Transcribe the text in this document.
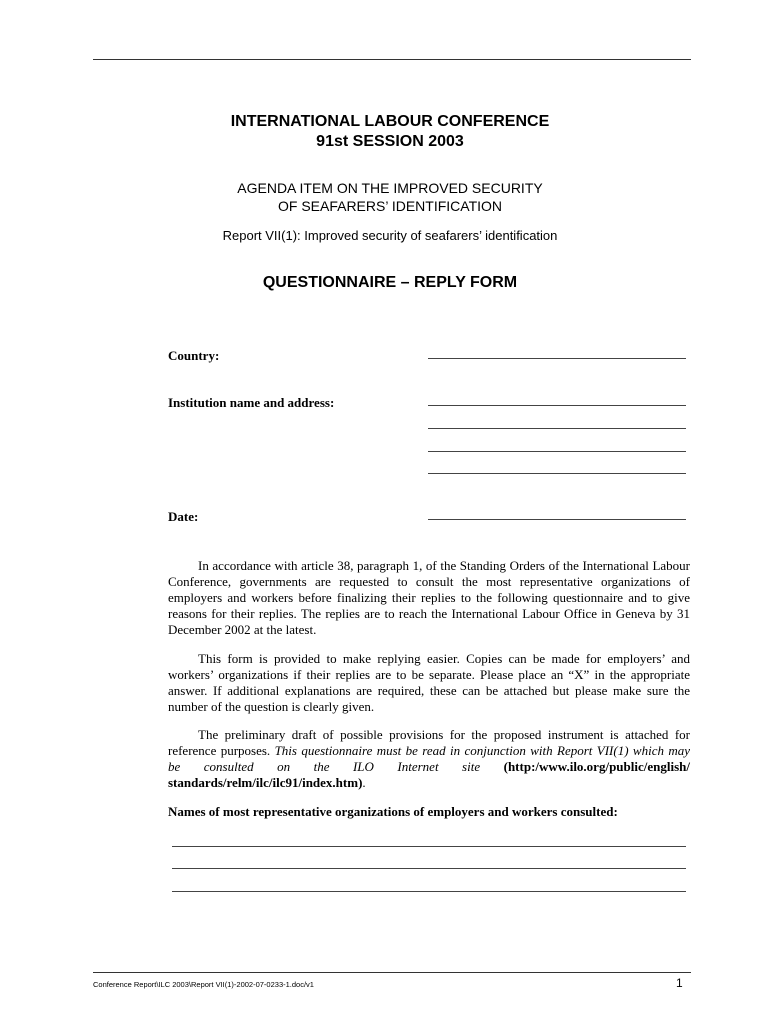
INTERNATIONAL LABOUR CONFERENCE
91st SESSION 2003
AGENDA ITEM ON THE IMPROVED SECURITY
OF SEAFARERS’ IDENTIFICATION
Report VII(1): Improved security of seafarers’ identification
QUESTIONNAIRE – REPLY FORM
Country:
Institution name and address:
Date:

In accordance with article 38, paragraph 1, of the Standing Orders of the International Labour Conference, governments are requested to consult the most representative organizations of employers and workers before finalizing their replies to the following questionnaire and to give reasons for their replies. The replies are to reach the International Labour Office in Geneva by 31 December 2002 at the latest.

This form is provided to make replying easier. Copies can be made for employers’ and workers’ organizations if their replies are to be separate. Please place an “X” in the appropriate answer. If additional explanations are required, these can be attached but please make sure the number of the question is clearly given.

The preliminary draft of possible provisions for the proposed instrument is attached for reference purposes. This questionnaire must be read in conjunction with Report VII(1) which may be consulted on the ILO Internet site (http:/www.ilo.org/public/english/ standards/relm/ilc/ilc91/index.htm).

Names of most representative organizations of employers and workers consulted:
Conference Report\ILC 2003\Report VII(1)-2002-07-0233-1.doc/v1	1
